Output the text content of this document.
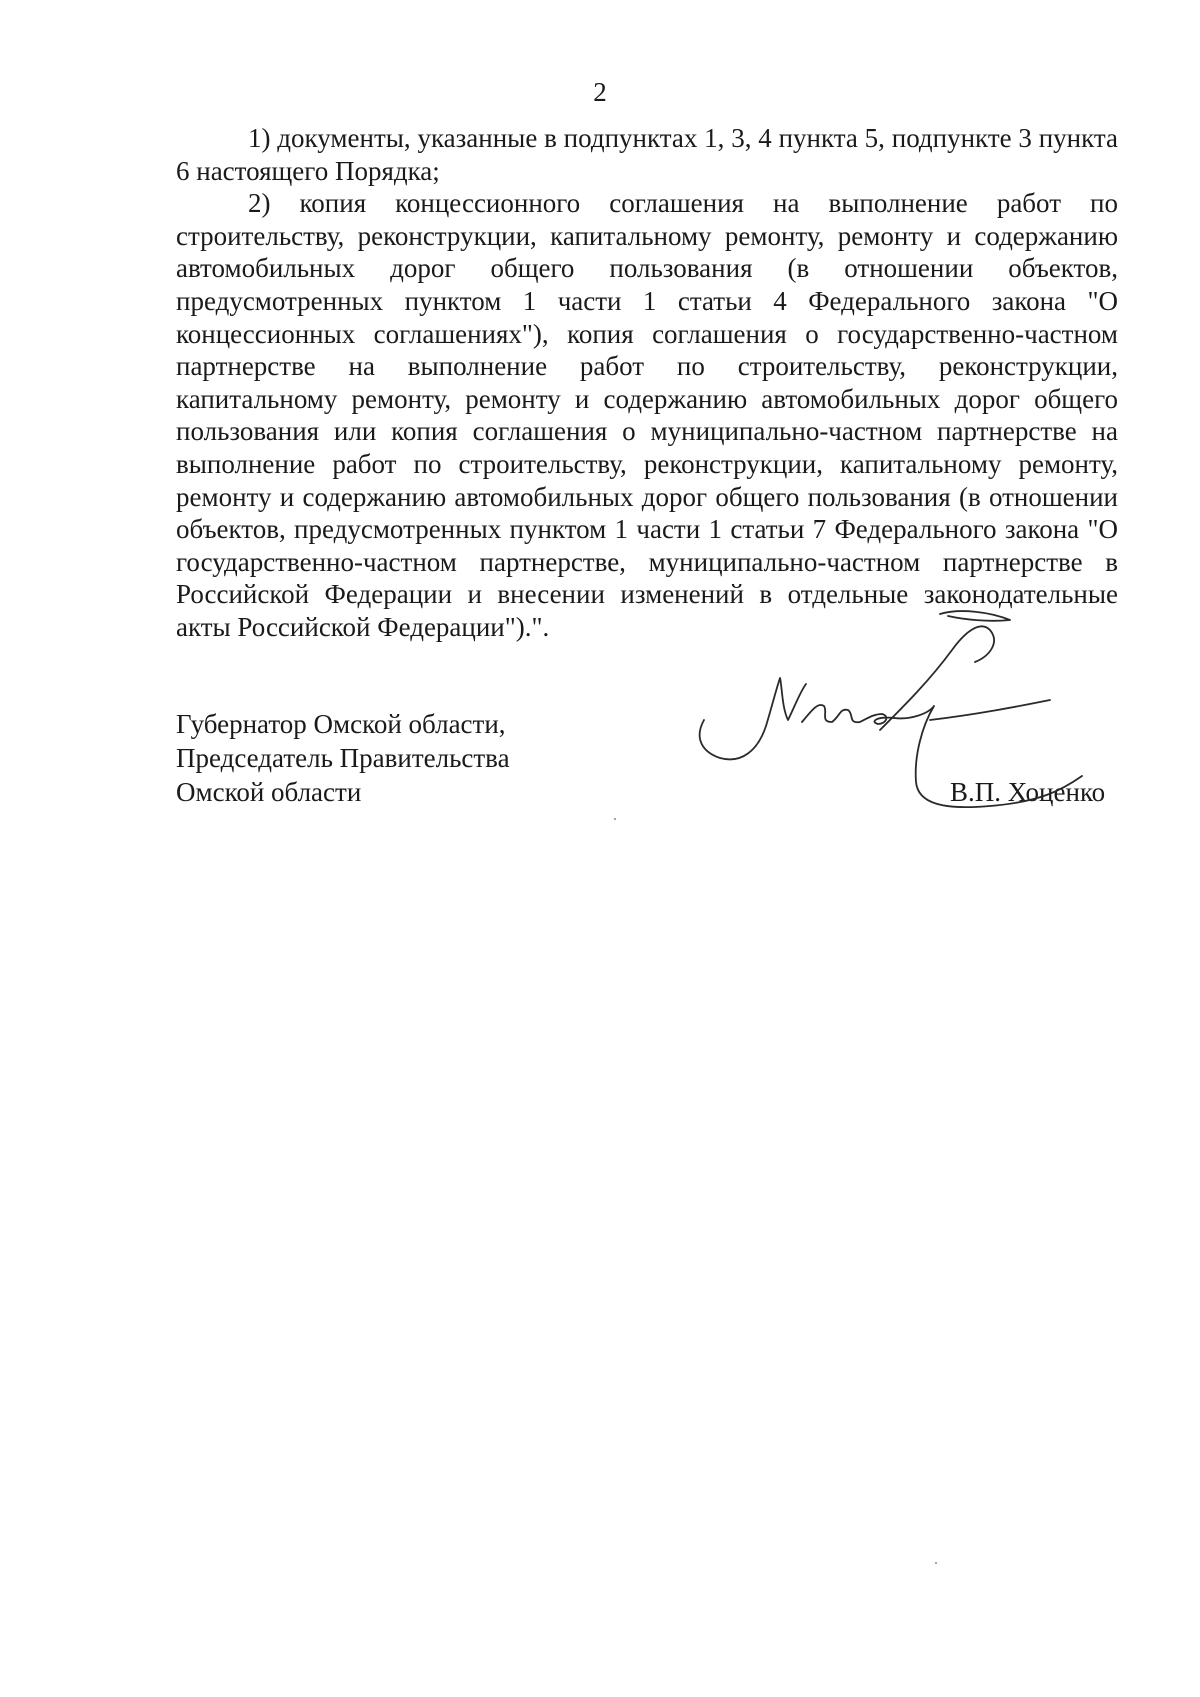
2

1) документы, указанные в подпунктах 1, 3, 4 пункта 5, подпункте 3 пункта 6 настоящего Порядка;

2) копия концессионного соглашения на выполнение работ по строительству, реконструкции, капитальному ремонту, ремонту и содержанию автомобильных дорог общего пользования (в отношении объектов, предусмотренных пунктом 1 части 1 статьи 4 Федерального закона "О концессионных соглашениях"), копия соглашения о государственно-частном партнерстве на выполнение работ по строительству, реконструкции, капитальному ремонту, ремонту и содержанию автомобильных дорог общего пользования или копия соглашения о муниципально-частном партнерстве на выполнение работ по строительству, реконструкции, капитальному ремонту, ремонту и содержанию автомобильных дорог общего пользования (в отношении объектов, предусмотренных пунктом 1 части 1 статьи 7 Федерального закона "О государственно-частном партнерстве, муниципально-частном партнерстве в Российской Федерации и внесении изменений в отдельные законодательные акты Российской Федерации").".

Губернатор Омской области,
Председатель Правительства
Омской области	В.П. Хоценко
